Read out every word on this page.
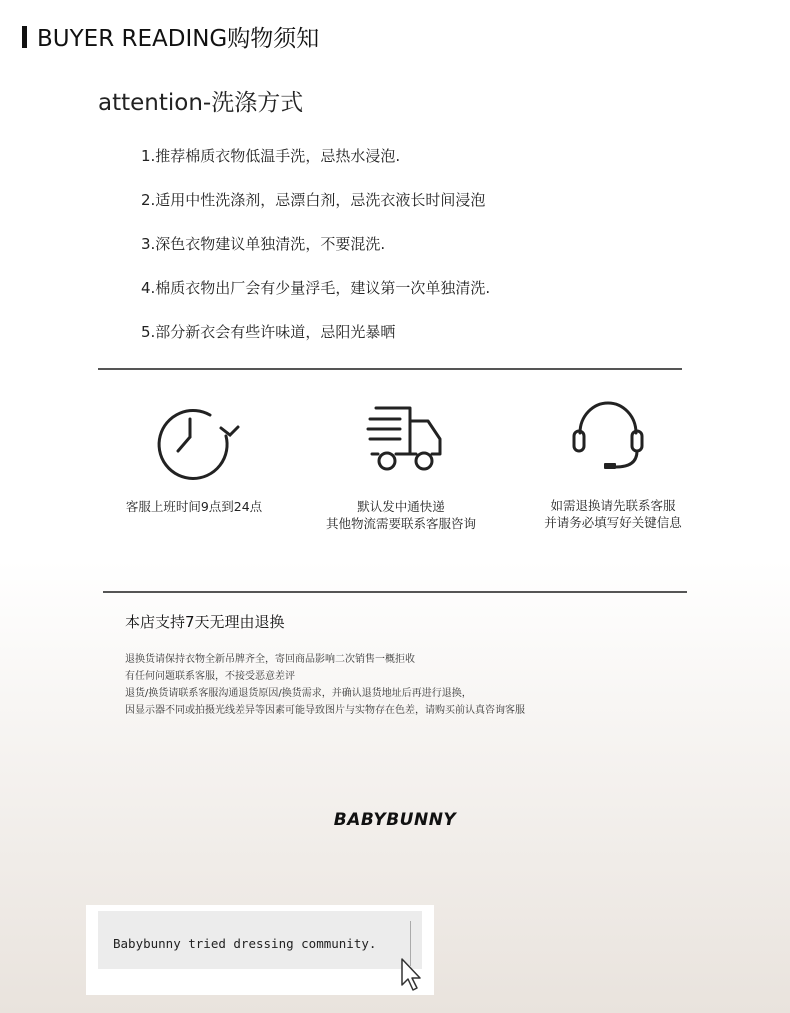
BUYER READING购物须知
attention-洗涤方式
1.推荐棉质衣物低温手洗，忌热水浸泡.
2.适用中性洗涤剂，忌漂白剂，忌洗衣液长时间浸泡
3.深色衣物建议单独清洗，不要混洗.
4.棉质衣物出厂会有少量浮毛，建议第一次单独清洗.
5.部分新衣会有些许味道，忌阳光暴晒
客服上班时间9点到24点	默认发中通快递
其他物流需要联系客服咨询
如需退换请先联系客服
并请务必填写好关键信息
本店支持7天无理由退换
退换货请保持衣物全新吊牌齐全，寄回商品影响二次销售一概拒收
有任何问题联系客服，不接受恶意差评
退货/换货请联系客服沟通退货原因/换货需求，并确认退货地址后再进行退换，
因显示器不同或拍摄光线差异等因素可能导致图片与实物存在色差，请购买前认真咨询客服
BABYBUNNY
Babybunny tried dressing community.
